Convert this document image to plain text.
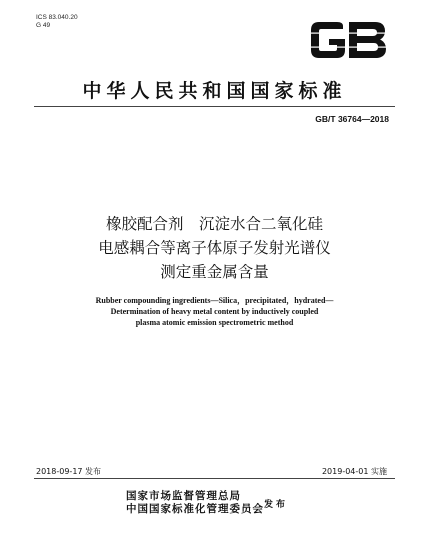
ICS 83.040.20
G 49
中华人民共和国国家标准
GB/T 36764—2018
橡胶配合剂　沉淀水合二氧化硅
电感耦合等离子体原子发射光谱仪
测定重金属含量
Rubber compounding ingredients—Silica，precipitated，hydrated—
Determination of heavy metal content by inductively coupled
plasma atomic emission spectrometric method
2018-09-17 发布	2019-04-01 实施
国家市场监督管理总局
中国国家标准化管理委员会 发布
